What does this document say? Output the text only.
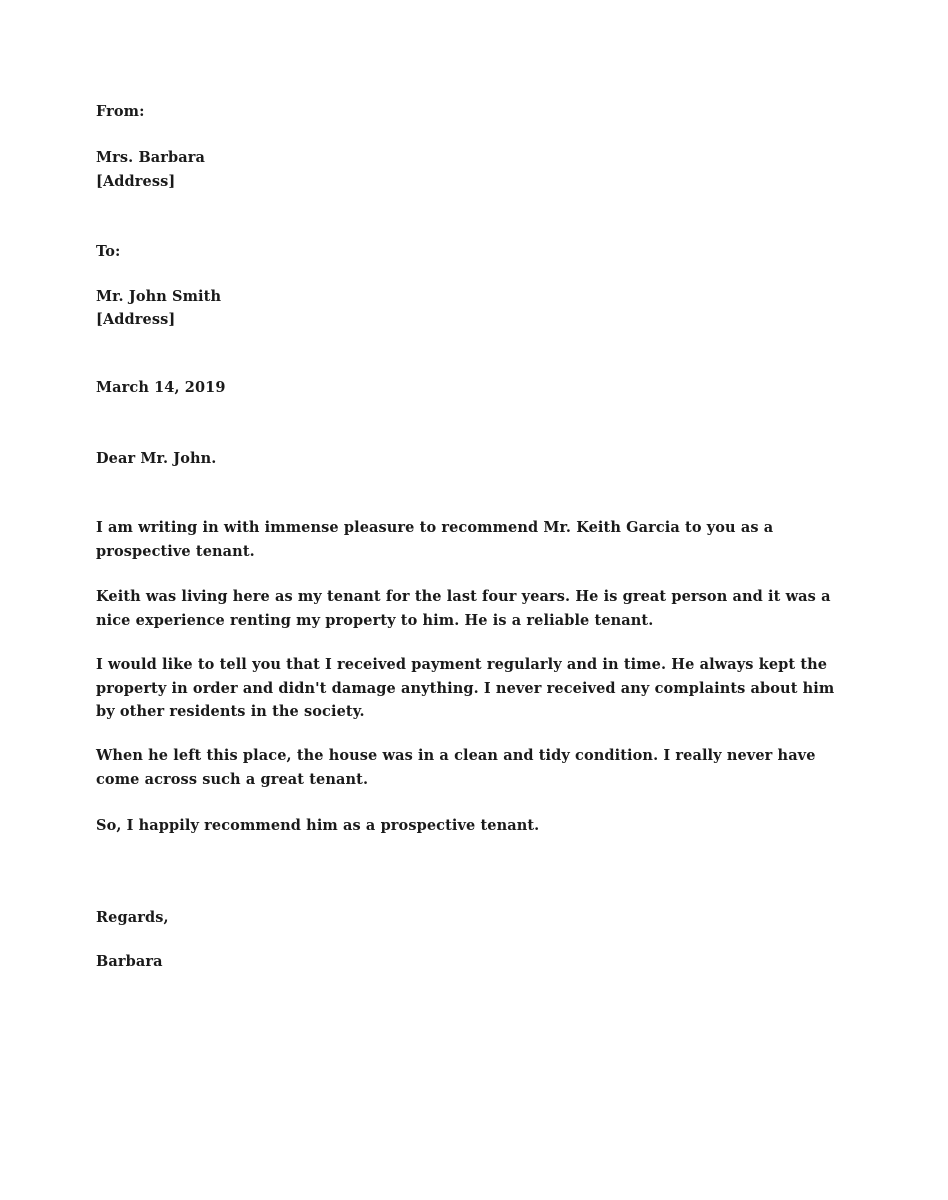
From:
Mrs. Barbara
[Address]
To:
Mr. John Smith
[Address]
March 14, 2019
Dear Mr. John.
I am writing in with immense pleasure to recommend Mr. Keith Garcia to you as a prospective tenant.
Keith was living here as my tenant for the last four years. He is great person and it was a nice experience renting my property to him. He is a reliable tenant.
I would like to tell you that I received payment regularly and in time. He always kept the property in order and didn't damage anything. I never received any complaints about him by other residents in the society.
When he left this place, the house was in a clean and tidy condition. I really never have come across such a great tenant.
So, I happily recommend him as a prospective tenant.
Regards,
Barbara
